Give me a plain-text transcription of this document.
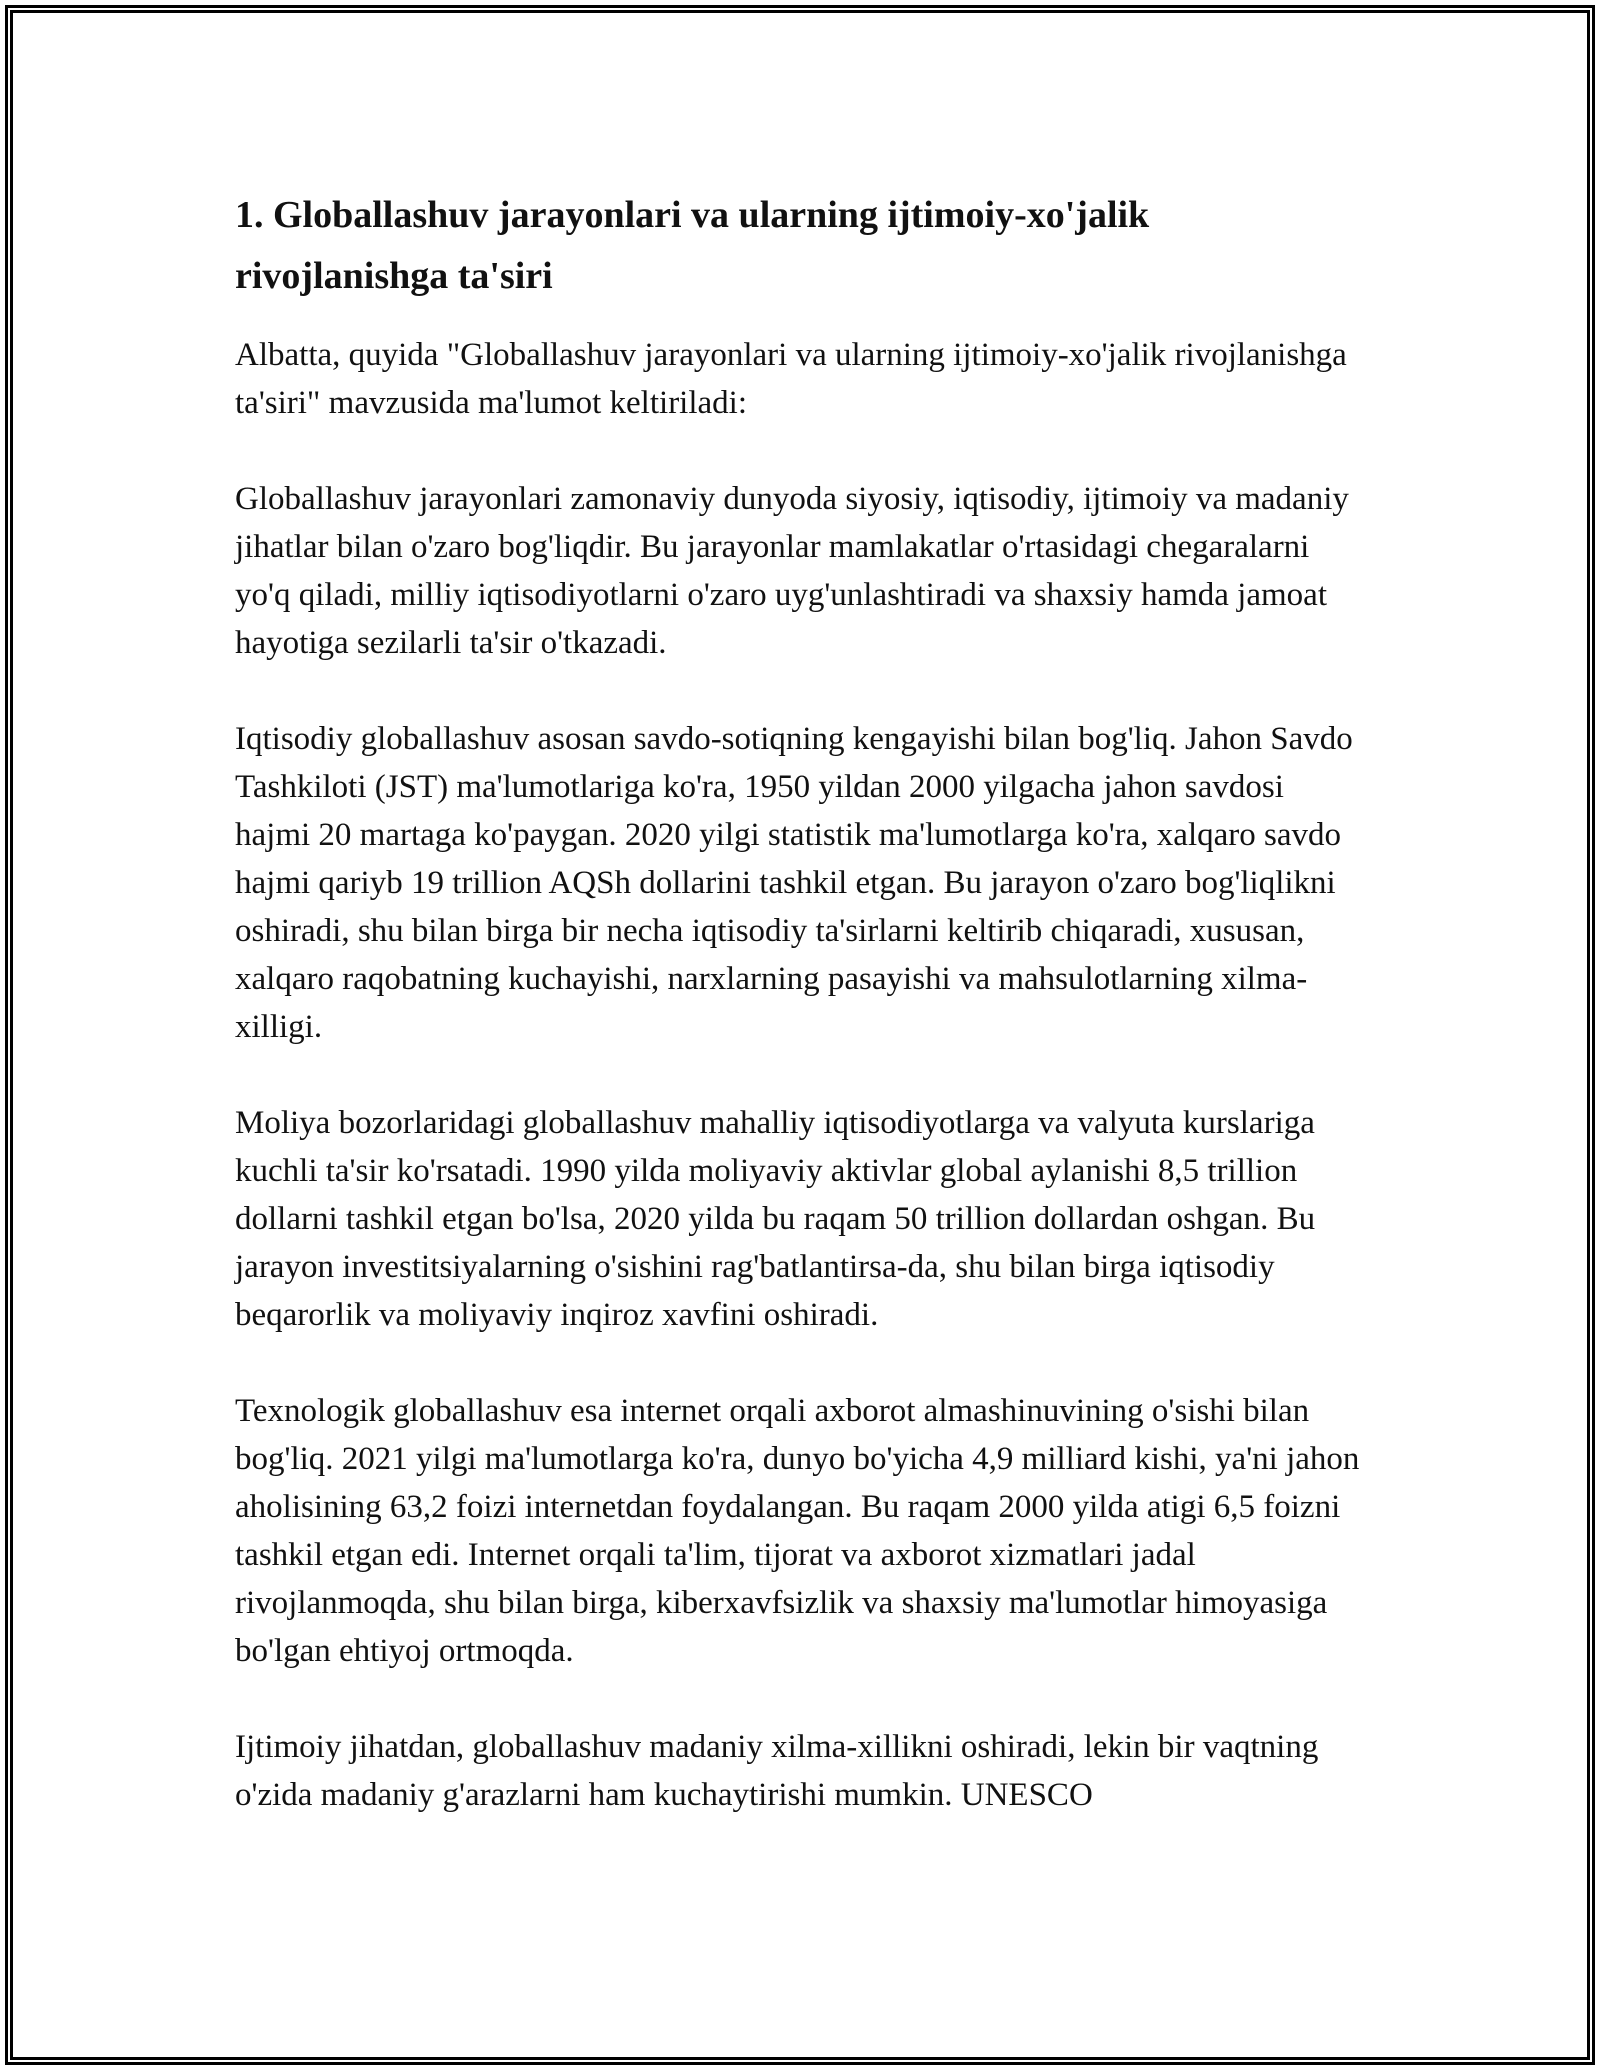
1. Globallashuv jarayonlari va ularning ijtimoiy-xo'jalik rivojlanishga ta'siri

Albatta, quyida "Globallashuv jarayonlari va ularning ijtimoiy-xo'jalik rivojlanishga ta'siri" mavzusida ma'lumot keltiriladi:

Globallashuv jarayonlari zamonaviy dunyoda siyosiy, iqtisodiy, ijtimoiy va madaniy jihatlar bilan o'zaro bog'liqdir. Bu jarayonlar mamlakatlar o'rtasidagi chegaralarni yo'q qiladi, milliy iqtisodiyotlarni o'zaro uyg'unlashtiradi va shaxsiy hamda jamoat hayotiga sezilarli ta'sir o'tkazadi.

Iqtisodiy globallashuv asosan savdo-sotiqning kengayishi bilan bog'liq. Jahon Savdo Tashkiloti (JST) ma'lumotlariga ko'ra, 1950 yildan 2000 yilgacha jahon savdosi hajmi 20 martaga ko'paygan. 2020 yilgi statistik ma'lumotlarga ko'ra, xalqaro savdo hajmi qariyb 19 trillion AQSh dollarini tashkil etgan. Bu jarayon o'zaro bog'liqlikni oshiradi, shu bilan birga bir necha iqtisodiy ta'sirlarni keltirib chiqaradi, xususan, xalqaro raqobatning kuchayishi, narxlarning pasayishi va mahsulotlarning xilma-xilligi.

Moliya bozorlaridagi globallashuv mahalliy iqtisodiyotlarga va valyuta kurslariga kuchli ta'sir ko'rsatadi. 1990 yilda moliyaviy aktivlar global aylanishi 8,5 trillion dollarni tashkil etgan bo'lsa, 2020 yilda bu raqam 50 trillion dollardan oshgan. Bu jarayon investitsiyalarning o'sishini rag'batlantirsa-da, shu bilan birga iqtisodiy beqarorlik va moliyaviy inqiroz xavfini oshiradi.

Texnologik globallashuv esa internet orqali axborot almashinuvining o'sishi bilan bog'liq. 2021 yilgi ma'lumotlarga ko'ra, dunyo bo'yicha 4,9 milliard kishi, ya'ni jahon aholisining 63,2 foizi internetdan foydalangan. Bu raqam 2000 yilda atigi 6,5 foizni tashkil etgan edi. Internet orqali ta'lim, tijorat va axborot xizmatlari jadal rivojlanmoqda, shu bilan birga, kiberxavfsizlik va shaxsiy ma'lumotlar himoyasiga bo'lgan ehtiyoj ortmoqda.

Ijtimoiy jihatdan, globallashuv madaniy xilma-xillikni oshiradi, lekin bir vaqtning o'zida madaniy g'arazlarni ham kuchaytirishi mumkin. UNESCO
